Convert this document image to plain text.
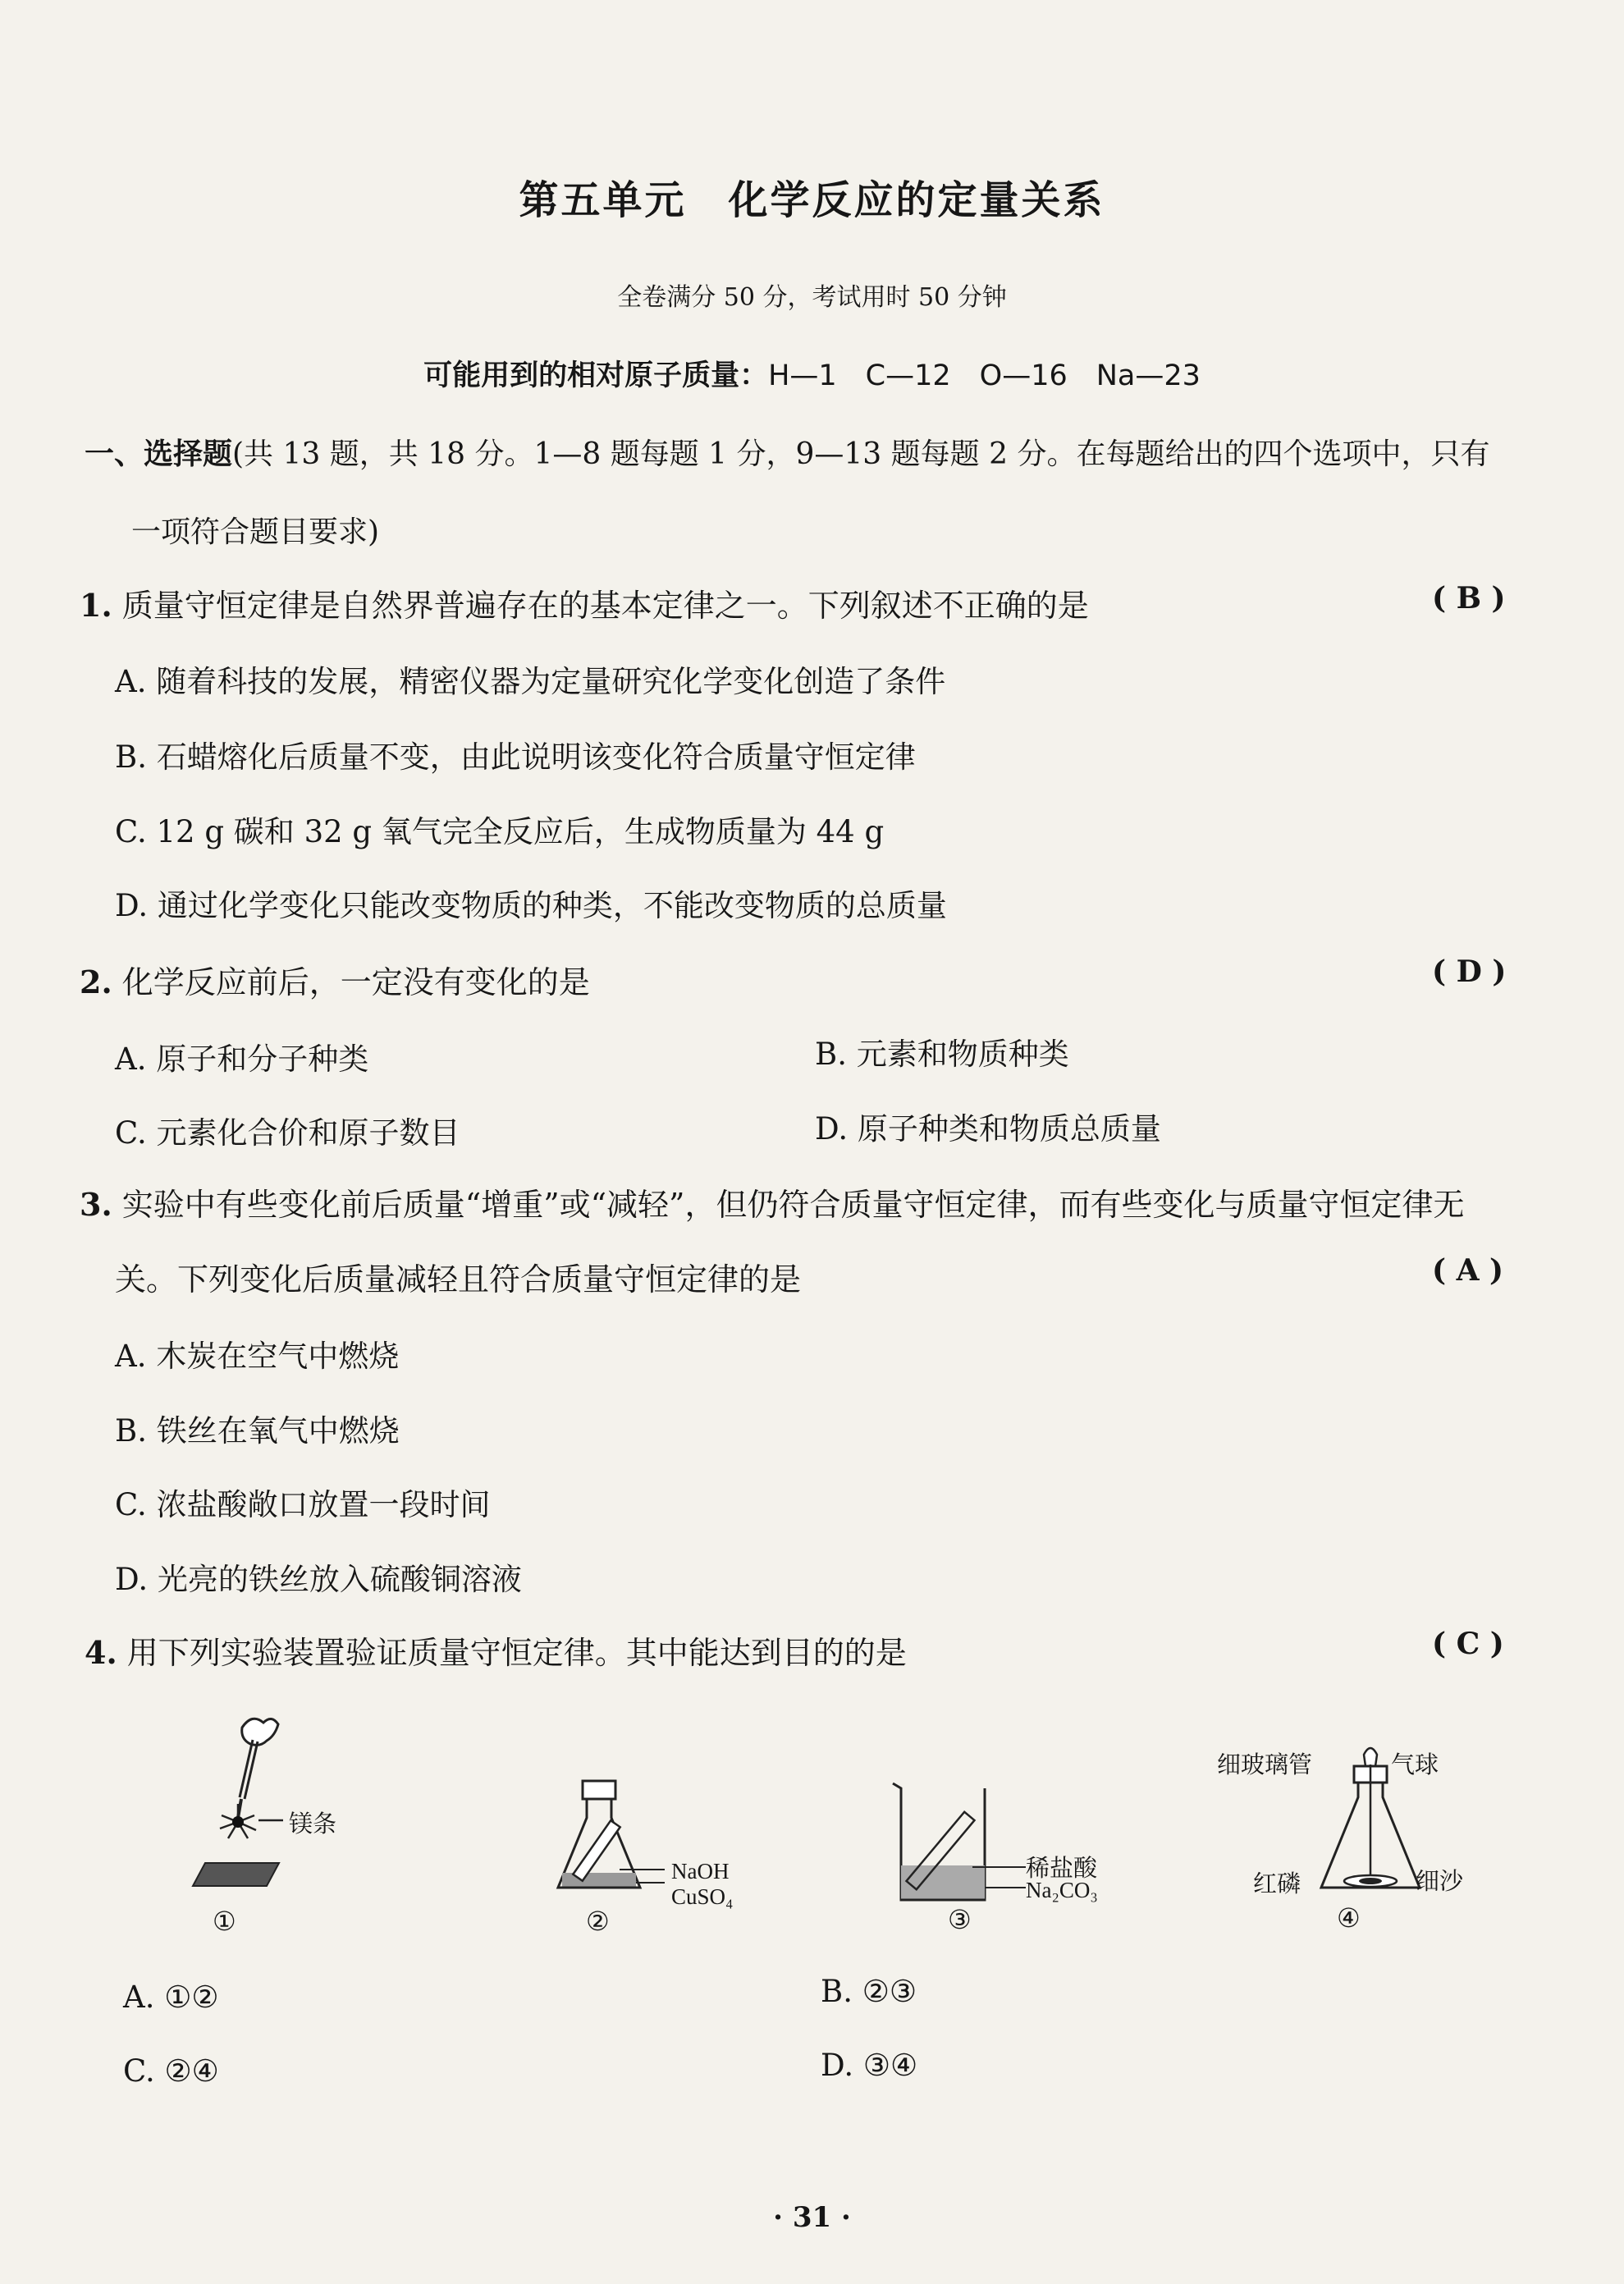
第五单元　化学反应的定量关系
全卷满分 50 分，考试用时 50 分钟
可能用到的相对原子质量：H—1　C—12　O—16　Na—23
一、选择题(共 13 题，共 18 分。1—8 题每题 1 分，9—13 题每题 2 分。在每题给出的四个选项中，只有
一项符合题目要求)
1. 质量守恒定律是自然界普遍存在的基本定律之一。下列叙述不正确的是	( B )
A. 随着科技的发展，精密仪器为定量研究化学变化创造了条件
B. 石蜡熔化后质量不变，由此说明该变化符合质量守恒定律
C. 12 g 碳和 32 g 氧气完全反应后，生成物质量为 44 g
D. 通过化学变化只能改变物质的种类，不能改变物质的总质量
2. 化学反应前后，一定没有变化的是	( D )
A. 原子和分子种类	B. 元素和物质种类
C. 元素化合价和原子数目	D. 原子种类和物质总质量
3. 实验中有些变化前后质量“增重”或“减轻”，但仍符合质量守恒定律，而有些变化与质量守恒定律无
关。下列变化后质量减轻且符合质量守恒定律的是	( A )
A. 木炭在空气中燃烧
B. 铁丝在氧气中燃烧
C. 浓盐酸敞口放置一段时间
D. 光亮的铁丝放入硫酸铜溶液
4. 用下列实验装置验证质量守恒定律。其中能达到目的的是	( C )
镁条
①
NaOH
CuSO₄
②
稀盐酸
Na₂CO₃
③
细玻璃管	气球
红磷	细沙
④
A. ①②	B. ②③
C. ②④	D. ③④
· 31 ·
